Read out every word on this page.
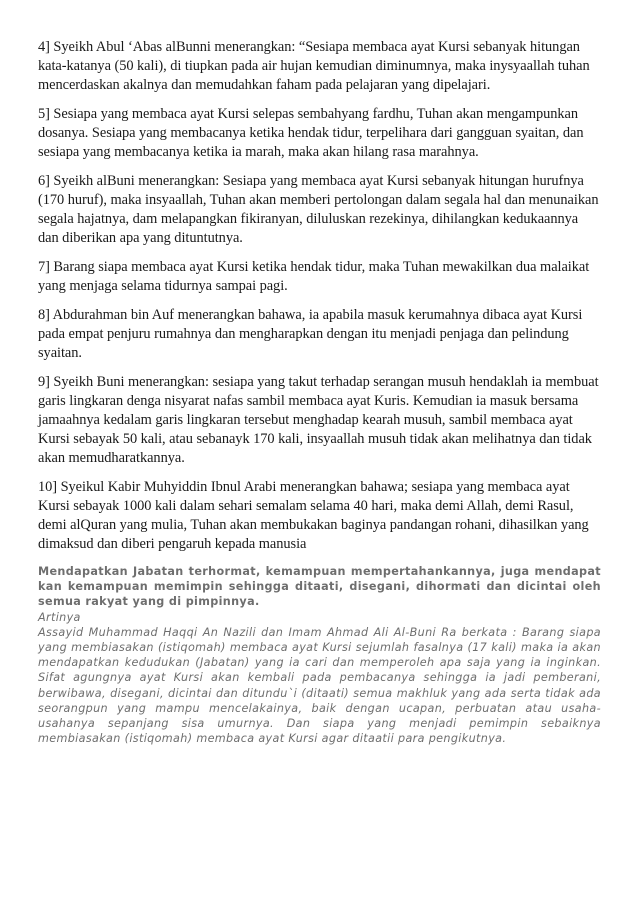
4] Syeikh Abul ‘Abas alBunni menerangkan: “Sesiapa membaca ayat Kursi sebanyak hitungan kata-katanya (50 kali), di tiupkan pada air hujan kemudian diminumnya, maka inysyaallah tuhan mencerdaskan akalnya dan memudahkan faham pada pelajaran yang dipelajari.

5] Sesiapa yang membaca ayat Kursi selepas sembahyang fardhu, Tuhan akan mengampunkan dosanya. Sesiapa yang membacanya ketika hendak tidur, terpelihara dari gangguan syaitan, dan sesiapa yang membacanya ketika ia marah, maka akan hilang rasa marahnya.

6] Syeikh alBuni menerangkan: Sesiapa yang membaca ayat Kursi sebanyak hitungan hurufnya (170 huruf), maka insyaallah, Tuhan akan memberi pertolongan dalam segala hal dan menunaikan segala hajatnya, dam melapangkan fikiranyan, diluluskan rezekinya, dihilangkan kedukaannya dan diberikan apa yang dituntutnya.

7] Barang siapa membaca ayat Kursi ketika hendak tidur, maka Tuhan mewakilkan dua malaikat yang menjaga selama tidurnya sampai pagi.

8] Abdurahman bin Auf menerangkan bahawa, ia apabila masuk kerumahnya dibaca ayat Kursi pada empat penjuru rumahnya dan mengharapkan dengan itu menjadi penjaga dan pelindung syaitan.

9] Syeikh Buni menerangkan: sesiapa yang takut terhadap serangan musuh hendaklah ia membuat garis lingkaran denga nisyarat nafas sambil membaca ayat Kuris. Kemudian ia masuk bersama jamaahnya kedalam garis lingkaran tersebut menghadap kearah musuh, sambil membaca ayat Kursi sebayak 50 kali, atau sebanayk 170 kali, insyaallah musuh tidak akan melihatnya dan tidak akan memudharatkannya.

10] Syeikul Kabir Muhyiddin Ibnul Arabi menerangkan bahawa; sesiapa yang membaca ayat Kursi sebayak 1000 kali dalam sehari semalam selama 40 hari, maka demi Allah, demi Rasul, demi alQuran yang mulia, Tuhan akan membukakan baginya pandangan rohani, dihasilkan yang dimaksud dan diberi pengaruh kepada manusia

Mendapatkan Jabatan terhormat, kemampuan mempertahankannya, juga mendapat kan kemampuan memimpin sehingga ditaati, disegani, dihormati dan dicintai oleh semua rakyat yang di pimpinnya.
Artinya
Assayid Muhammad Haqqi An Nazili dan Imam Ahmad Ali Al-Buni Ra berkata : Barang siapa yang membiasakan (istiqomah) membaca ayat Kursi sejumlah fasalnya (17 kali) maka ia akan mendapatkan kedudukan (Jabatan) yang ia cari dan memperoleh apa saja yang ia inginkan. Sifat agungnya ayat Kursi akan kembali pada pembacanya sehingga ia jadi pemberani, berwibawa, disegani, dicintai dan ditundu`i (ditaati) semua makhluk yang ada serta tidak ada seorangpun yang mampu mencelakainya, baik dengan ucapan, perbuatan atau usaha-usahanya sepanjang sisa umurnya. Dan siapa yang menjadi pemimpin sebaiknya membiasakan (istiqomah) membaca ayat Kursi agar ditaatii para pengikutnya.
